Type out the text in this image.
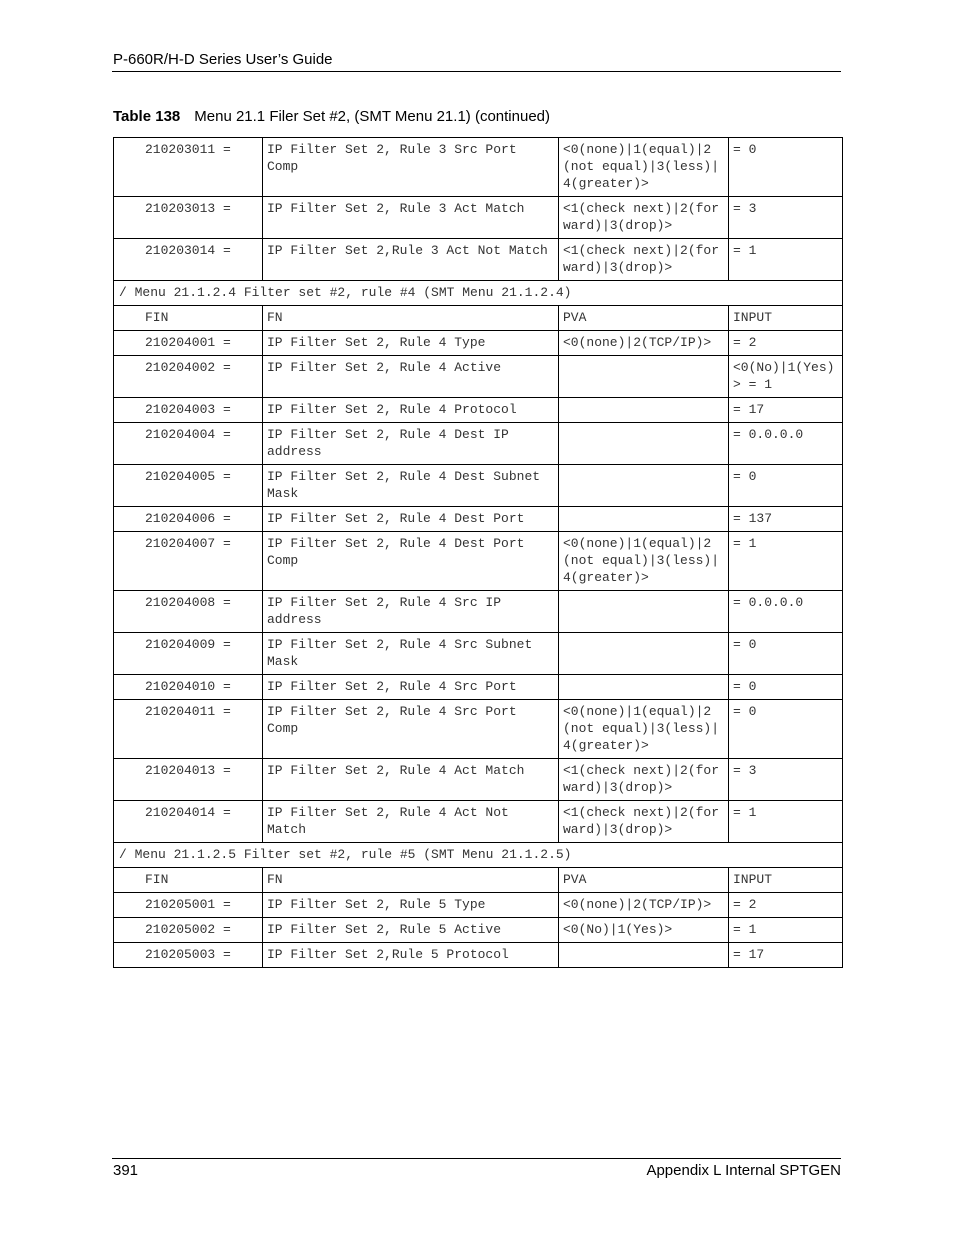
P-660R/H-D Series User’s Guide
Table 138 Menu 21.1 Filer Set #2, (SMT Menu 21.1) (continued)
210203011 =	IP Filter Set 2, Rule 3 Src Port Comp	<0(none)|1(equal)|2(not equal)|3(less)|4(greater)>	= 0
210203013 =	IP Filter Set 2, Rule 3 Act Match	<1(check next)|2(forward)|3(drop)>	= 3
210203014 =	IP Filter Set 2,Rule 3 Act Not Match	<1(check next)|2(forward)|3(drop)>	= 1
/ Menu 21.1.2.4 Filter set #2, rule #4 (SMT Menu 21.1.2.4)			
FIN	FN	PVA	INPUT
210204001 =	IP Filter Set 2, Rule 4 Type	<0(none)|2(TCP/IP)>	= 2
210204002 =	IP Filter Set 2, Rule 4 Active		<0(No)|1(Yes)> = 1
210204003 =	IP Filter Set 2, Rule 4 Protocol		= 17
210204004 =	IP Filter Set 2, Rule 4 Dest IP address		= 0.0.0.0
210204005 =	IP Filter Set 2, Rule 4 Dest Subnet Mask		= 0
210204006 =	IP Filter Set 2, Rule 4 Dest Port		= 137
210204007 =	IP Filter Set 2, Rule 4 Dest Port Comp	<0(none)|1(equal)|2(not equal)|3(less)|4(greater)>	= 1
210204008 =	IP Filter Set 2, Rule 4 Src IP address		= 0.0.0.0
210204009 =	IP Filter Set 2, Rule 4 Src Subnet Mask		= 0
210204010 =	IP Filter Set 2, Rule 4 Src Port		= 0
210204011 =	IP Filter Set 2, Rule 4 Src Port Comp	<0(none)|1(equal)|2(not equal)|3(less)|4(greater)>	= 0
210204013 =	IP Filter Set 2, Rule 4 Act Match	<1(check next)|2(forward)|3(drop)>	= 3
210204014 =	IP Filter Set 2, Rule 4 Act Not Match	<1(check next)|2(forward)|3(drop)>	= 1
/ Menu 21.1.2.5 Filter set #2, rule #5 (SMT Menu 21.1.2.5)			
FIN	FN	PVA	INPUT
210205001 =	IP Filter Set 2, Rule 5 Type	<0(none)|2(TCP/IP)>	= 2
210205002 =	IP Filter Set 2, Rule 5 Active	<0(No)|1(Yes)>	= 1
210205003 =	IP Filter Set 2,Rule 5 Protocol		= 17
391	Appendix L Internal SPTGEN
